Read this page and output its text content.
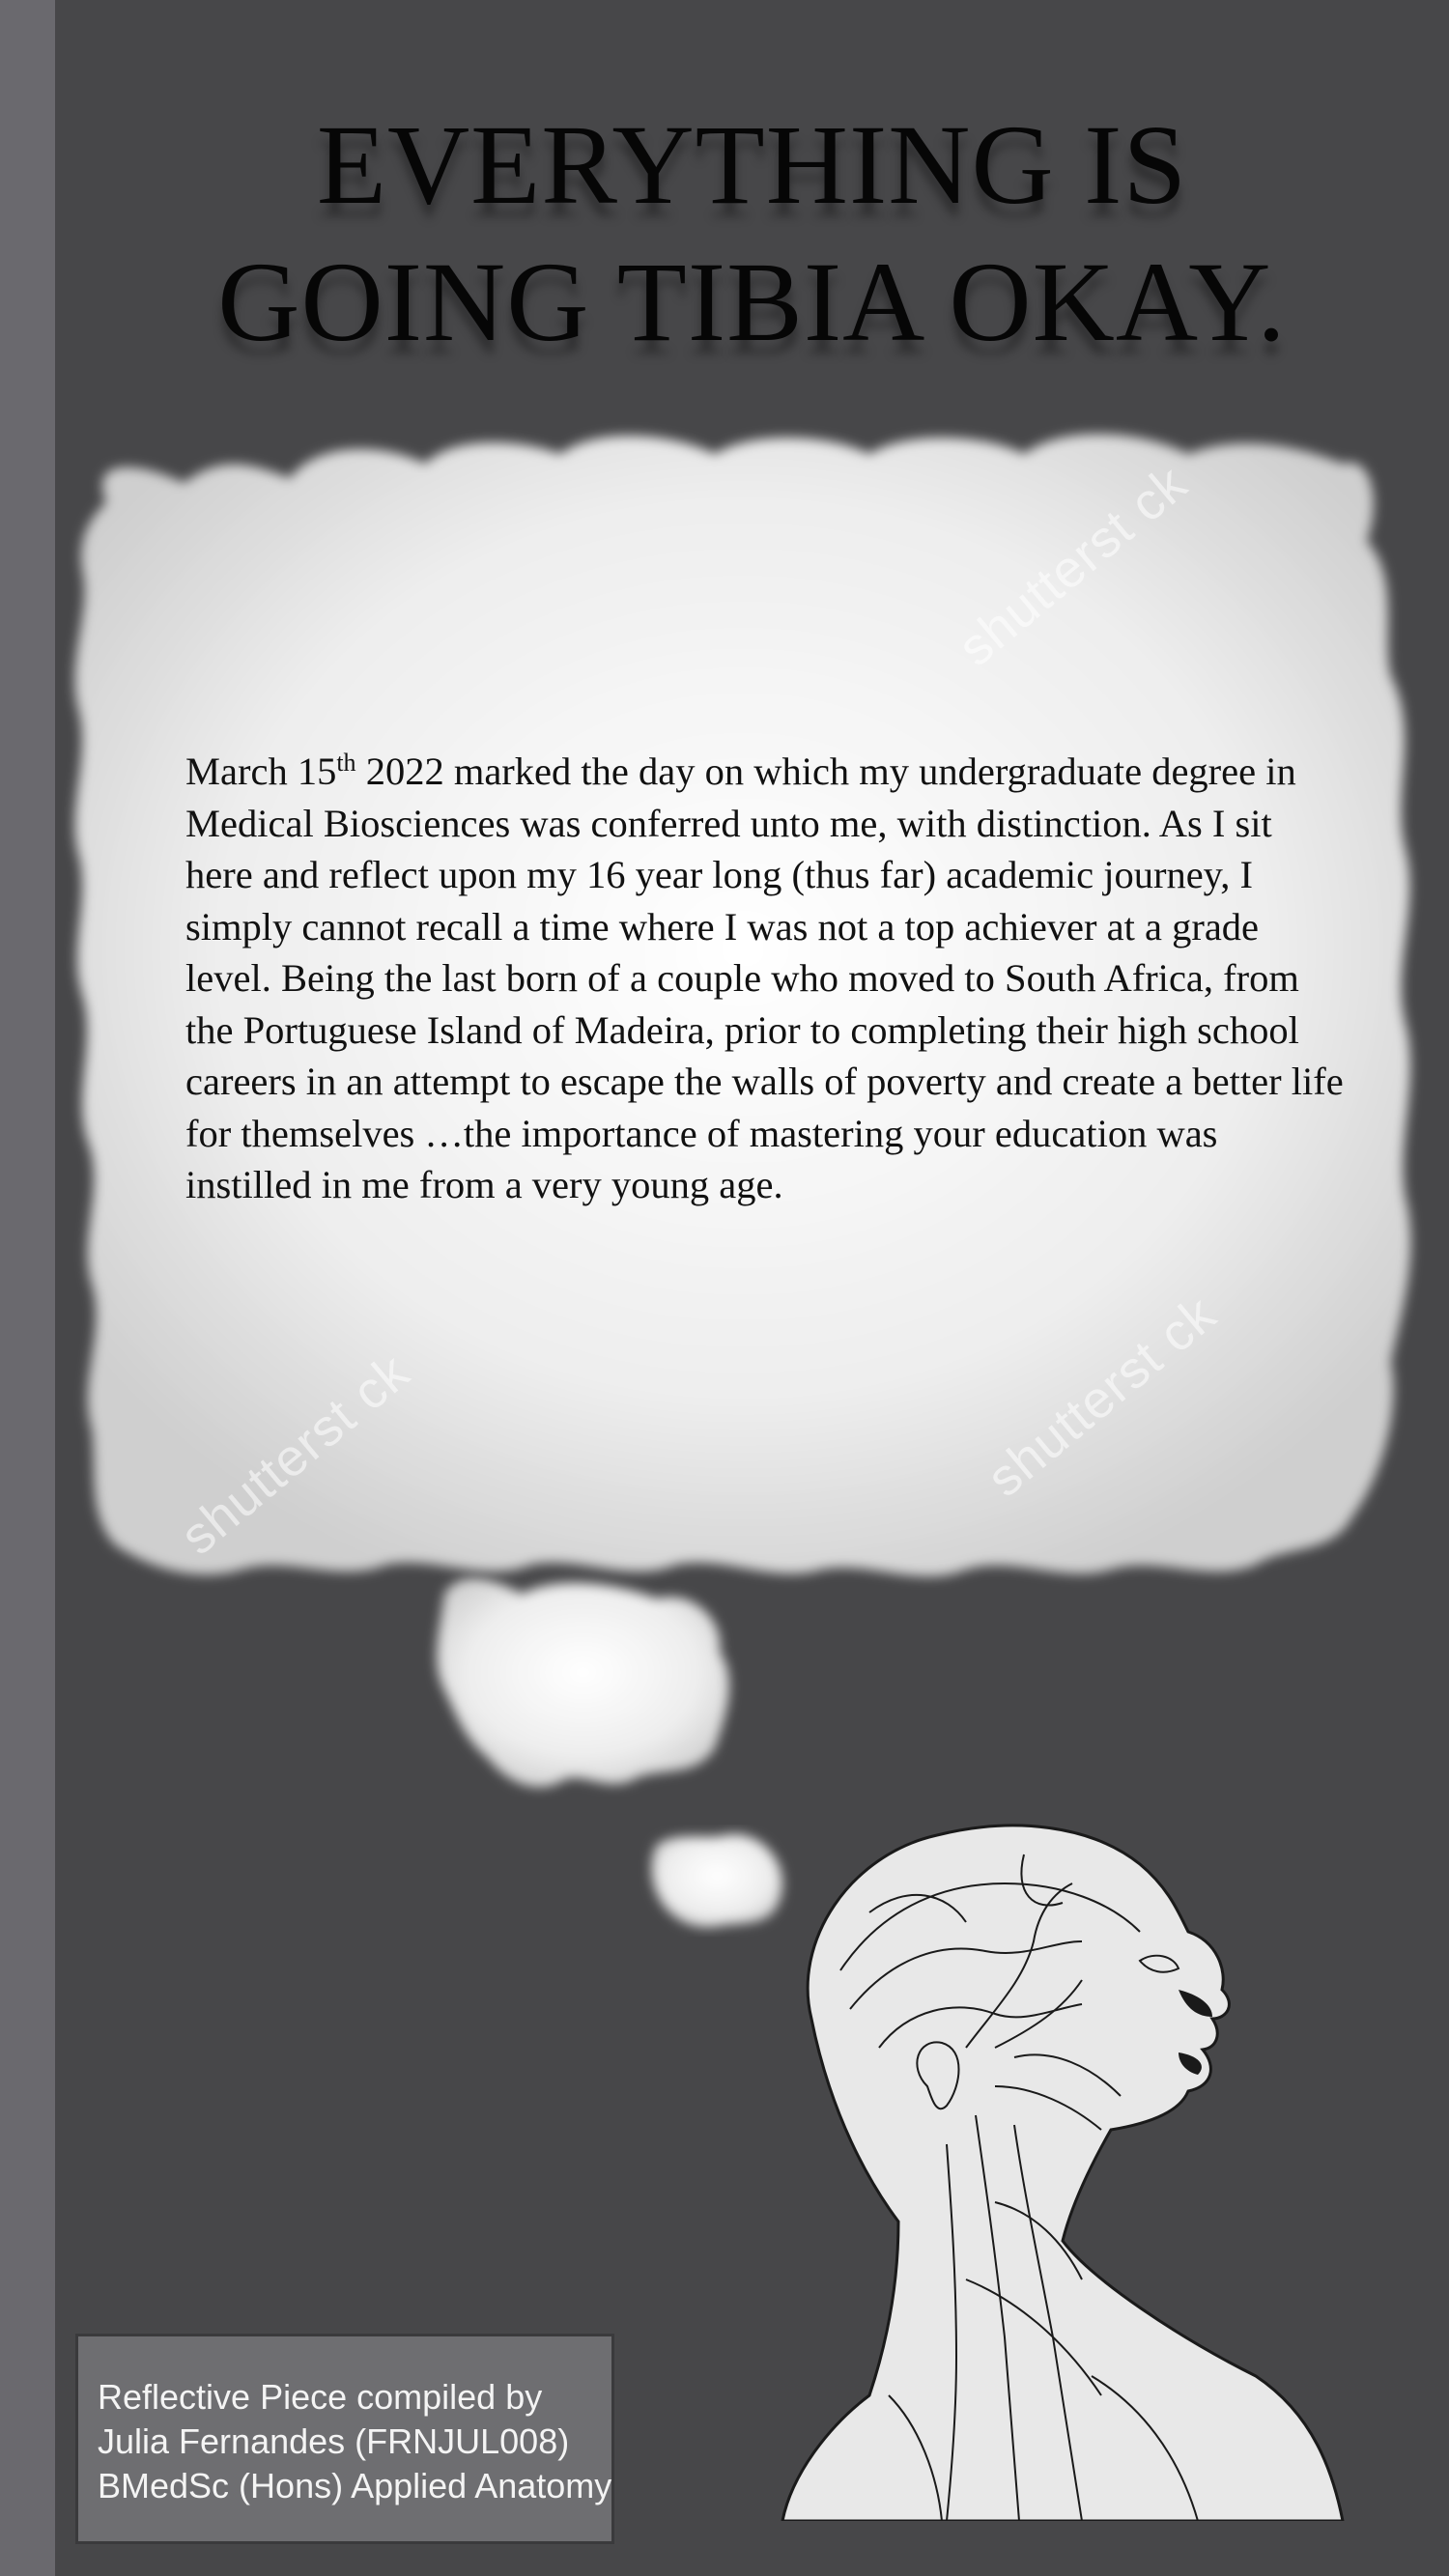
EVERYTHING IS
GOING TIBIA OKAY.
shutterst ck
shutterst ck	shutterst ck

March 15th 2022 marked the day on which my undergraduate degree in Medical Biosciences was conferred unto me, with distinction. As I sit here and reflect upon my 16 year long (thus far) academic journey, I simply cannot recall a time where I was not a top achiever at a grade level. Being the last born of a couple who moved to South Africa, from the Portuguese Island of Madeira, prior to completing their high school careers in an attempt to escape the walls of poverty and create a better life for themselves …the importance of mastering your education was instilled in me from a very young age.

Reflective Piece compiled by
Julia Fernandes (FRNJUL008)
BMedSc (Hons) Applied Anatomy
